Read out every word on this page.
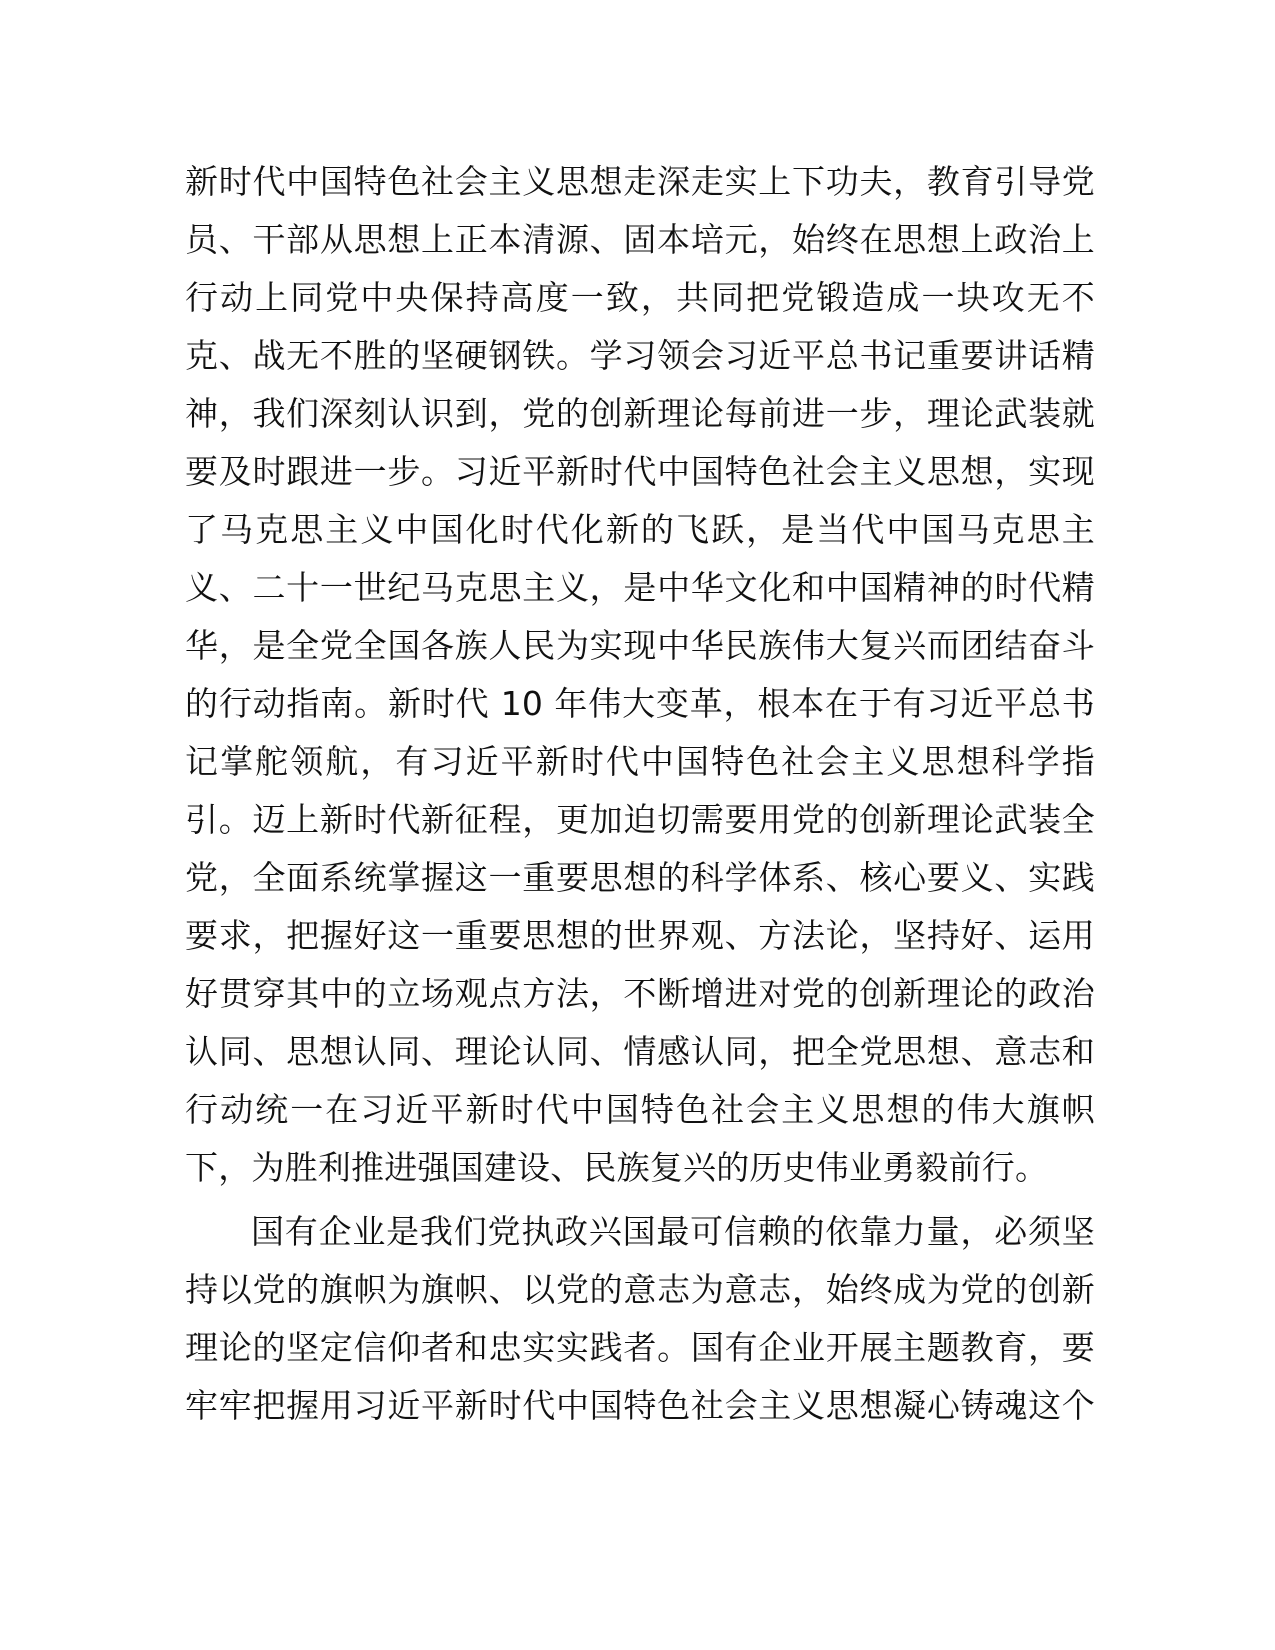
新时代中国特色社会主义思想走深走实上下功夫，教育引导党
员、干部从思想上正本清源、固本培元，始终在思想上政治上
行动上同党中央保持高度一致，共同把党锻造成一块攻无不
克、战无不胜的坚硬钢铁。学习领会习近平总书记重要讲话精
神，我们深刻认识到，党的创新理论每前进一步，理论武装就
要及时跟进一步。习近平新时代中国特色社会主义思想，实现
了马克思主义中国化时代化新的飞跃，是当代中国马克思主
义、二十一世纪马克思主义，是中华文化和中国精神的时代精
华，是全党全国各族人民为实现中华民族伟大复兴而团结奋斗
的行动指南。新时代 10 年伟大变革，根本在于有习近平总书
记掌舵领航，有习近平新时代中国特色社会主义思想科学指
引。迈上新时代新征程，更加迫切需要用党的创新理论武装全
党，全面系统掌握这一重要思想的科学体系、核心要义、实践
要求，把握好这一重要思想的世界观、方法论，坚持好、运用
好贯穿其中的立场观点方法，不断增进对党的创新理论的政治
认同、思想认同、理论认同、情感认同，把全党思想、意志和
行动统一在习近平新时代中国特色社会主义思想的伟大旗帜
下，为胜利推进强国建设、民族复兴的历史伟业勇毅前行。
国有企业是我们党执政兴国最可信赖的依靠力量，必须坚
持以党的旗帜为旗帜、以党的意志为意志，始终成为党的创新
理论的坚定信仰者和忠实实践者。国有企业开展主题教育，要
牢牢把握用习近平新时代中国特色社会主义思想凝心铸魂这个
